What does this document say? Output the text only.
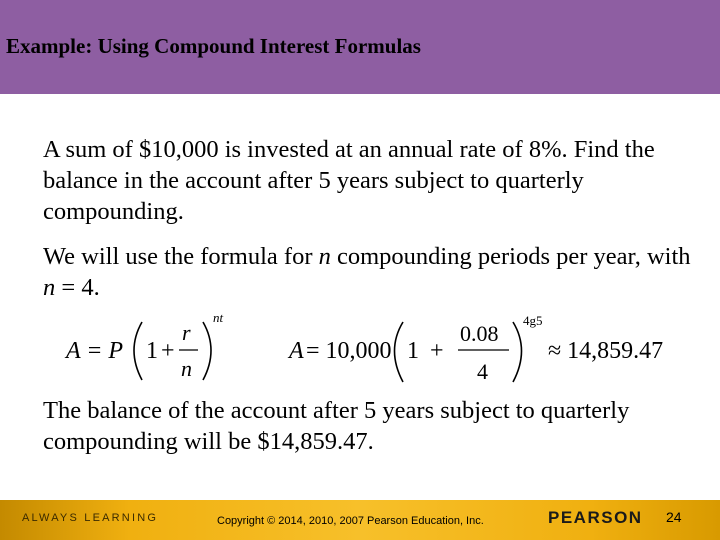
Example: Using Compound Interest Formulas
A sum of $10,000 is invested at an annual rate of 8%. Find the balance in the account after 5 years subject to quarterly compounding.
We will use the formula for n compounding periods per year, with n = 4.
A = P 1 +
r
n
nt
A = 10,000 1 +
0.08
4
4g5
≈ 14,859.47
The balance of the account after 5 years subject to quarterly compounding will be $14,859.47.
ALWAYS LEARNING	Copyright © 2014, 2010, 2007 Pearson Education, Inc.	PEARSON 24
